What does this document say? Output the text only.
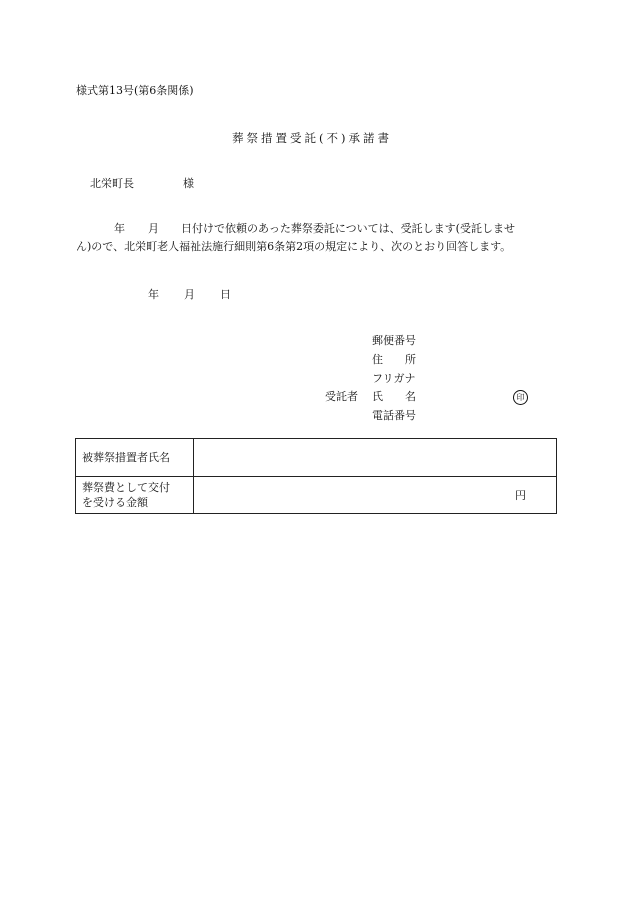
様式第13号(第6条関係)
葬祭措置受託(不)承諾書
北栄町長	様

年 月 日付けで依頼のあった葬祭委託については、受託します(受託しませ

ん)ので、北栄町老人福祉法施行細則第6条第2項の規定により、次のとおり回答します。

年 月 日
郵便番号
住　　所
フリガナ
受託者 氏　　名	印
電話番号
被葬祭措置者氏名	
葬祭費として交付
を受ける金額	円
